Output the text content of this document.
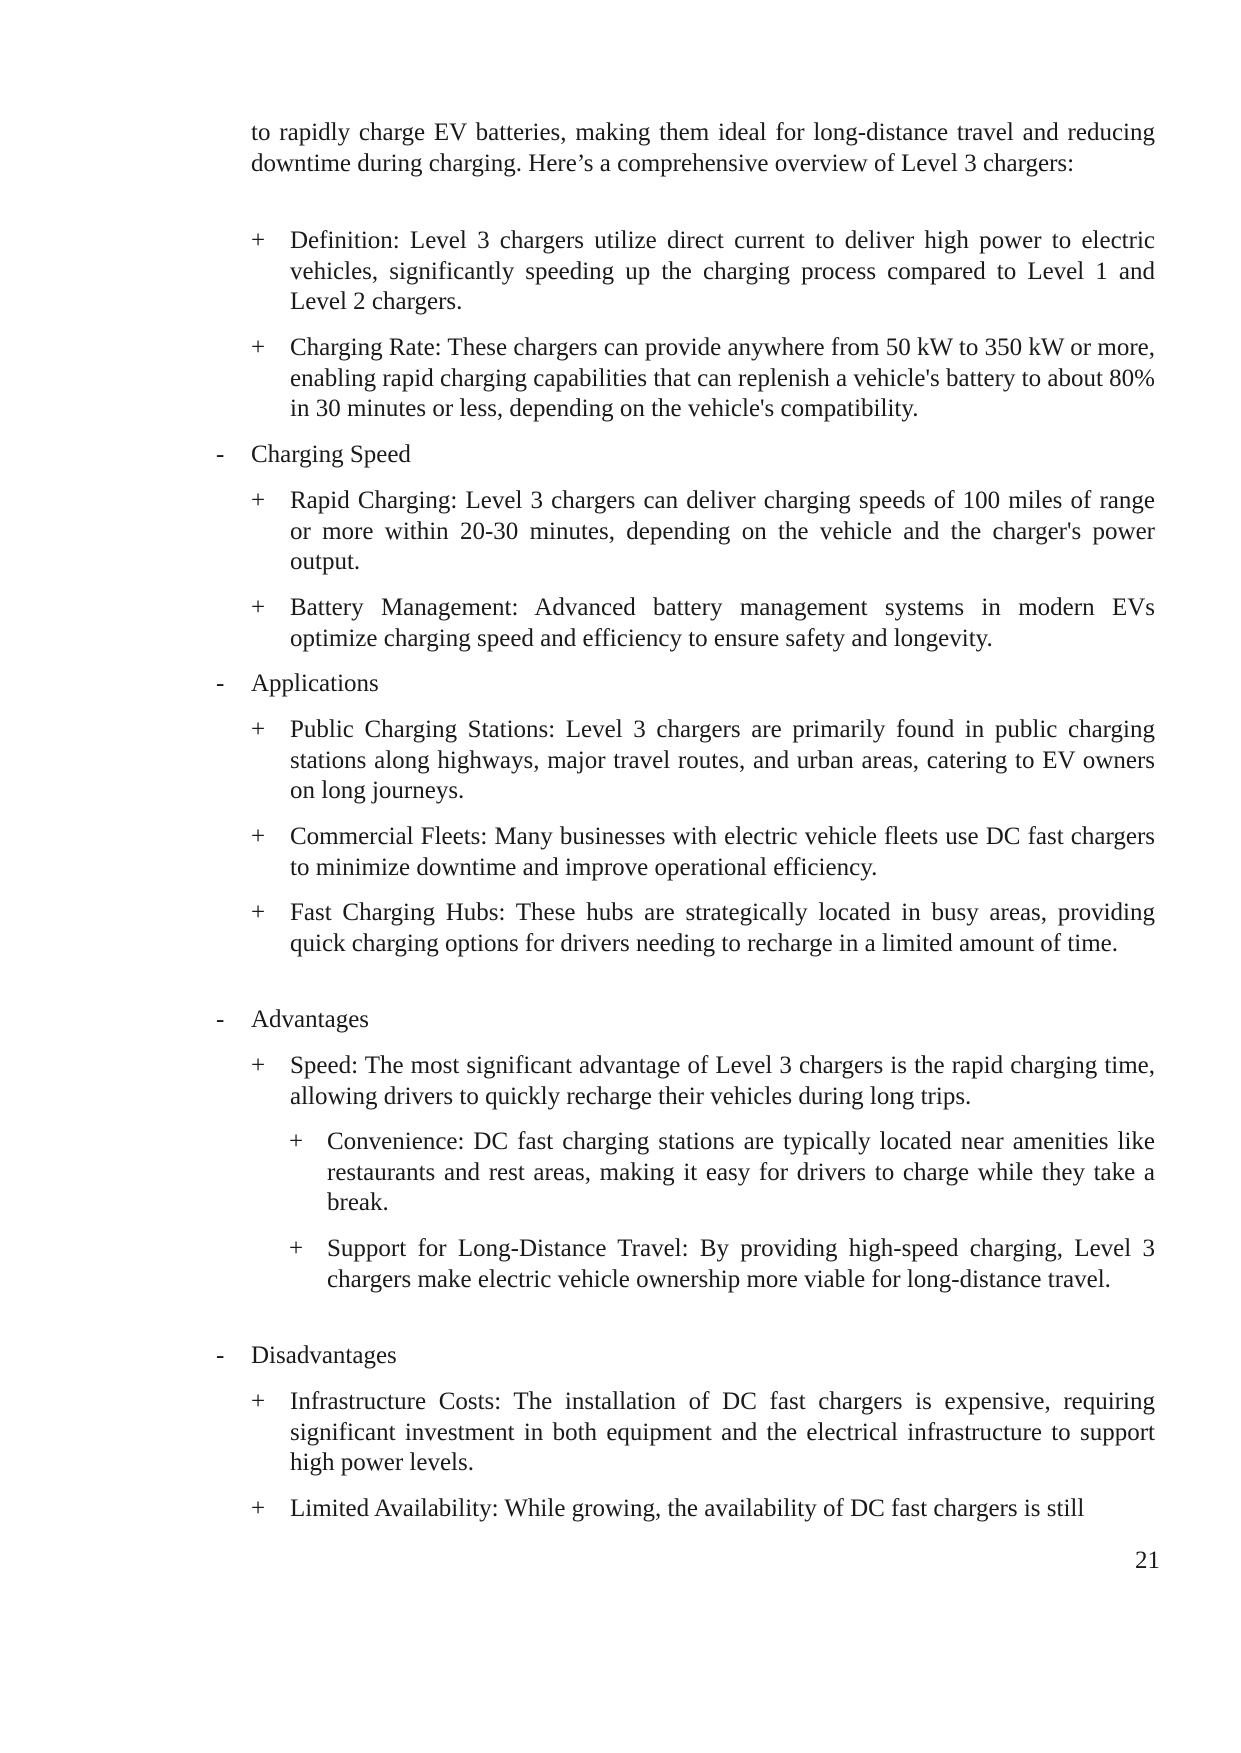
to rapidly charge EV batteries, making them ideal for long-distance travel and reducing downtime during charging. Here’s a comprehensive overview of Level 3 chargers:

+ Definition: Level 3 chargers utilize direct current to deliver high power to electric vehicles, significantly speeding up the charging process compared to Level 1 and Level 2 chargers.

+ Charging Rate: These chargers can provide anywhere from 50 kW to 350 kW or more, enabling rapid charging capabilities that can replenish a vehicle's battery to about 80% in 30 minutes or less, depending on the vehicle's compatibility.

- Charging Speed

+ Rapid Charging: Level 3 chargers can deliver charging speeds of 100 miles of range or more within 20-30 minutes, depending on the vehicle and the charger's power output.

+ Battery Management: Advanced battery management systems in modern EVs optimize charging speed and efficiency to ensure safety and longevity.

- Applications

+ Public Charging Stations: Level 3 chargers are primarily found in public charging stations along highways, major travel routes, and urban areas, catering to EV owners on long journeys.

+ Commercial Fleets: Many businesses with electric vehicle fleets use DC fast chargers to minimize downtime and improve operational efficiency.

+ Fast Charging Hubs: These hubs are strategically located in busy areas, providing quick charging options for drivers needing to recharge in a limited amount of time.

- Advantages

+ Speed: The most significant advantage of Level 3 chargers is the rapid charging time, allowing drivers to quickly recharge their vehicles during long trips.

+ Convenience: DC fast charging stations are typically located near amenities like restaurants and rest areas, making it easy for drivers to charge while they take a break.

+ Support for Long-Distance Travel: By providing high-speed charging, Level 3 chargers make electric vehicle ownership more viable for long-distance travel.

- Disadvantages

+ Infrastructure Costs: The installation of DC fast chargers is expensive, requiring significant investment in both equipment and the electrical infrastructure to support high power levels.

+ Limited Availability: While growing, the availability of DC fast chargers is still

21
